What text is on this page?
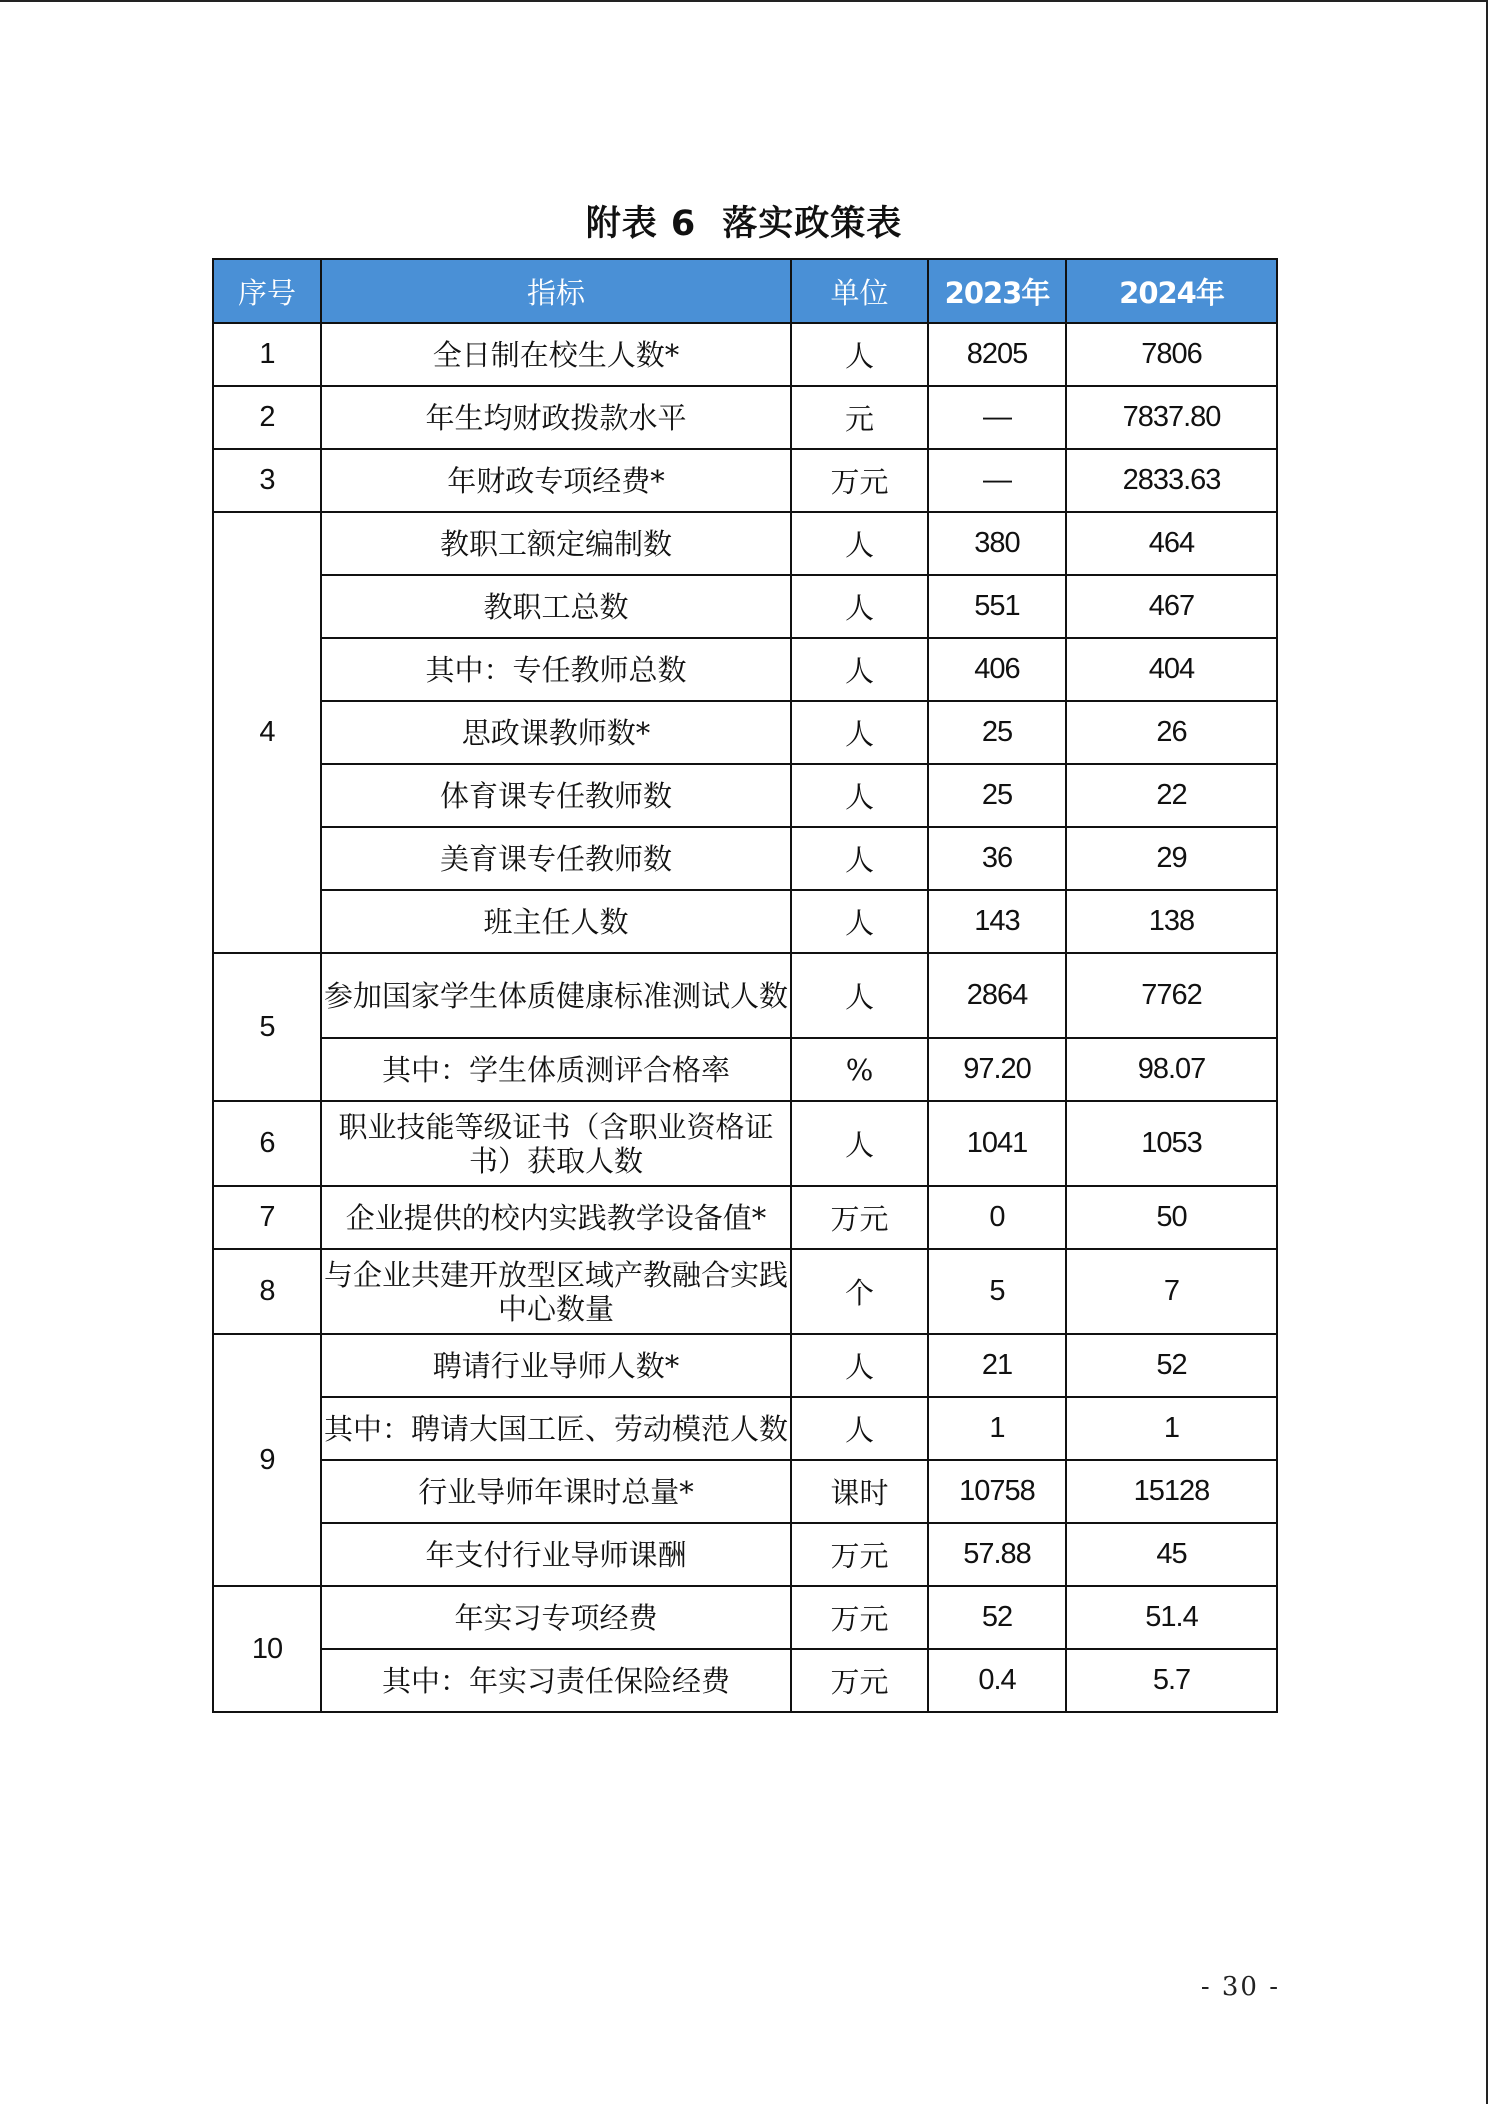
附表 6 落实政策表
序号	指标	单位	2023年	2024年
1	全日制在校生人数*	人	8205	7806
2	年生均财政拨款水平	元	—	7837.80
3	年财政专项经费*	万元	—	2833.63
4	教职工额定编制数	人	380	464
	教职工总数	人	551	467
	其中：专任教师总数	人	406	404
	思政课教师数*	人	25	26
	体育课专任教师数	人	25	22
	美育课专任教师数	人	36	29
	班主任人数	人	143	138
5	参加国家学生体质健康标准测试人数	人	2864	7762
	其中：学生体质测评合格率	%	97.20	98.07
6	职业技能等级证书（含职业资格证书）获取人数	人	1041	1053
7	企业提供的校内实践教学设备值*	万元	0	50
8	与企业共建开放型区域产教融合实践中心数量	个	5	7
9	聘请行业导师人数*	人	21	52
	其中：聘请大国工匠、劳动模范人数	人	1	1
	行业导师年课时总量*	课时	10758	15128
	年支付行业导师课酬	万元	57.88	45
10	年实习专项经费	万元	52	51.4
	其中：年实习责任保险经费	万元	0.4	5.7
- 30 -
